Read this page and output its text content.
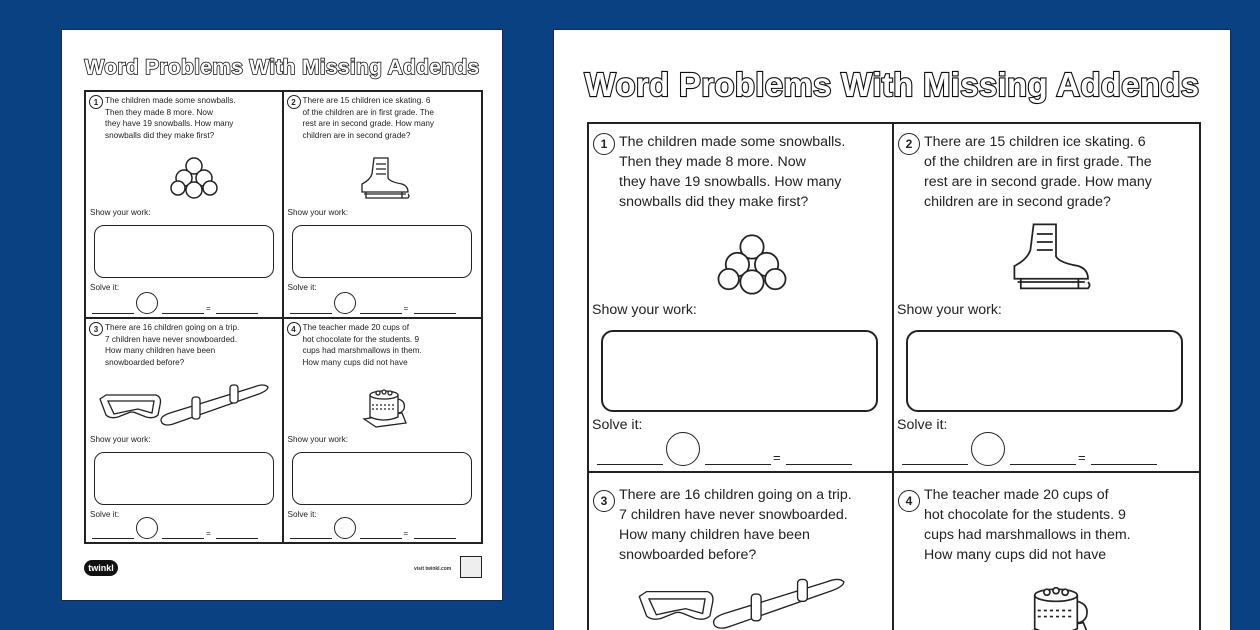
Word Problems With Missing Addends
1 The children made some snowballs.
Then they made 8 more. Now
they have 19 snowballs. How many
snowballs did they make first?
Show your work:
Solve it:
=
2 There are 15 children ice skating. 6
of the children are in first grade. The
rest are in second grade. How many
children are in second grade?
Show your work:
Solve it:
=
3 There are 16 children going on a trip.
7 children have never snowboarded.
How many children have been
snowboarded before?
Show your work:
Solve it:
=
4 The teacher made 20 cups of
hot chocolate for the students. 9
cups had marshmallows in them.
How many cups did not have
Show your work:
Solve it:
=
twinkl	visit twinkl.com
Word Problems With Missing Addends
1 The children made some snowballs.
Then they made 8 more. Now
they have 19 snowballs. How many
snowballs did they make first?
Show your work:
Solve it:
=
2 There are 15 children ice skating. 6
of the children are in first grade. The
rest are in second grade. How many
children are in second grade?
Show your work:
Solve it:
=
3 There are 16 children going on a trip.
7 children have never snowboarded.
How many children have been
snowboarded before?
4 The teacher made 20 cups of
hot chocolate for the students. 9
cups had marshmallows in them.
How many cups did not have
